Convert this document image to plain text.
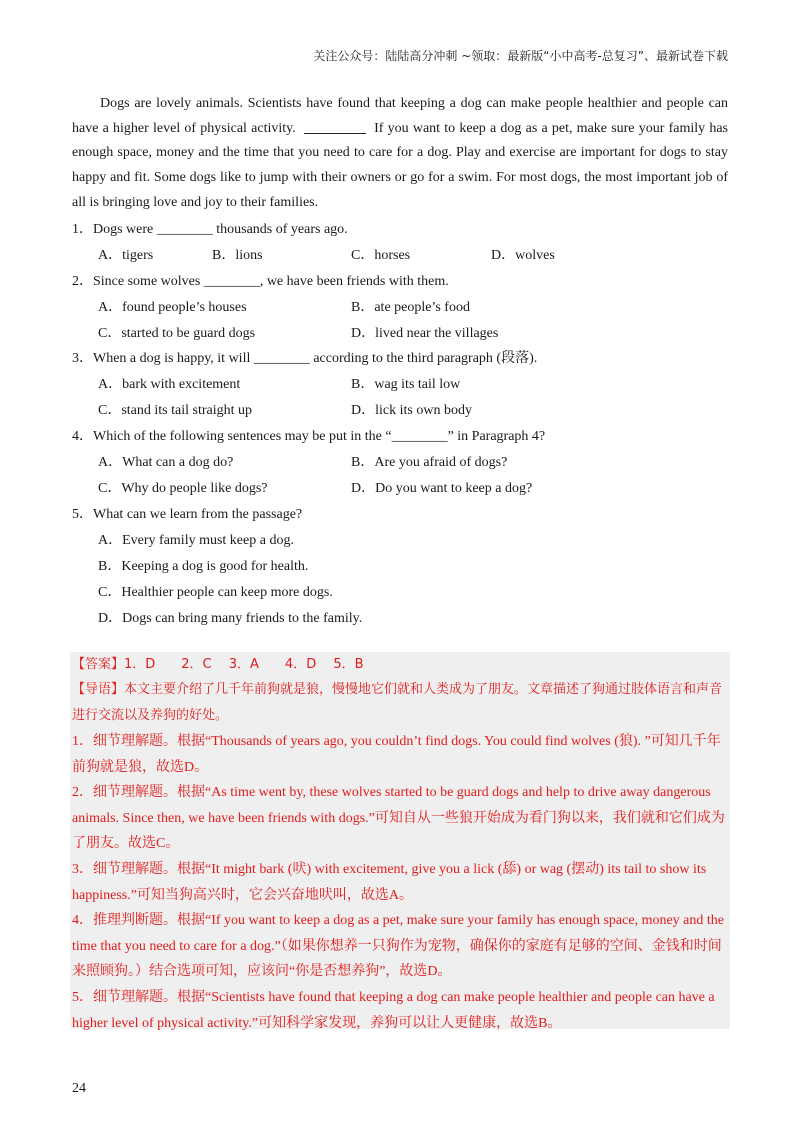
关注公众号：陆陆高分冲刺 ~领取：最新版“小中高考-总复习”、最新试卷下载
Dogs are lovely animals. Scientists have found that keeping a dog can make people healthier and people can have a higher level of physical activity.	If you want to keep a dog as a pet, make sure your family has enough space, money and the time that you need to care for a dog. Play and exercise are important for dogs to stay happy and fit. Some dogs like to jump with their owners or go for a swim. For most dogs, the most important job of all is bringing love and joy to their families.
1．Dogs were ________ thousands of years ago.
A．tigers	B．lions	C．horses	D．wolves
2．Since some wolves ________, we have been friends with them.
A．found people’s houses	B．ate people’s food
C．started to be guard dogs	D．lived near the villages
3．When a dog is happy, it will ________ according to the third paragraph (段落).
A．bark with excitement	B．wag its tail low
C．stand its tail straight up	D．lick its own body
4．Which of the following sentences may be put in the “________” in Paragraph 4?
A．What can a dog do?	B．Are you afraid of dogs?
C．Why do people like dogs?	D．Do you want to keep a dog?
5．What can we learn from the passage?
A．Every family must keep a dog.
B．Keeping a dog is good for health.
C．Healthier people can keep more dogs.
D．Dogs can bring many friends to the family.
【答案】1．D　　2．C　 3．A　　4．D　 5．B
【导语】本文主要介绍了几千年前狗就是狼，慢慢地它们就和人类成为了朋友。文章描述了狗通过肢体语言和声音进行交流以及养狗的好处。
1．细节理解题。根据“Thousands of years ago, you couldn’t find dogs. You could find wolves (狼). ”可知几千年前狗就是狼，故选D。
2．细节理解题。根据“As time went by, these wolves started to be guard dogs and help to drive away dangerous animals. Since then, we have been friends with dogs.”可知自从一些狼开始成为看门狗以来，我们就和它们成为了朋友。故选C。
3．细节理解题。根据“It might bark (吠) with excitement, give you a lick (舔) or wag (摆动) its tail to show its happiness.”可知当狗高兴时，它会兴奋地吠叫，故选A。
4．推理判断题。根据“If you want to keep a dog as a pet, make sure your family has enough space, money and the time that you need to care for a dog.”（如果你想养一只狗作为宠物，确保你的家庭有足够的空间、金钱和时间来照顾狗。）结合选项可知，应该问“你是否想养狗”，故选D。
5．细节理解题。根据“Scientists have found that keeping a dog can make people healthier and people can have a higher level of physical activity.”可知科学家发现，养狗可以让人更健康，故选B。
24
